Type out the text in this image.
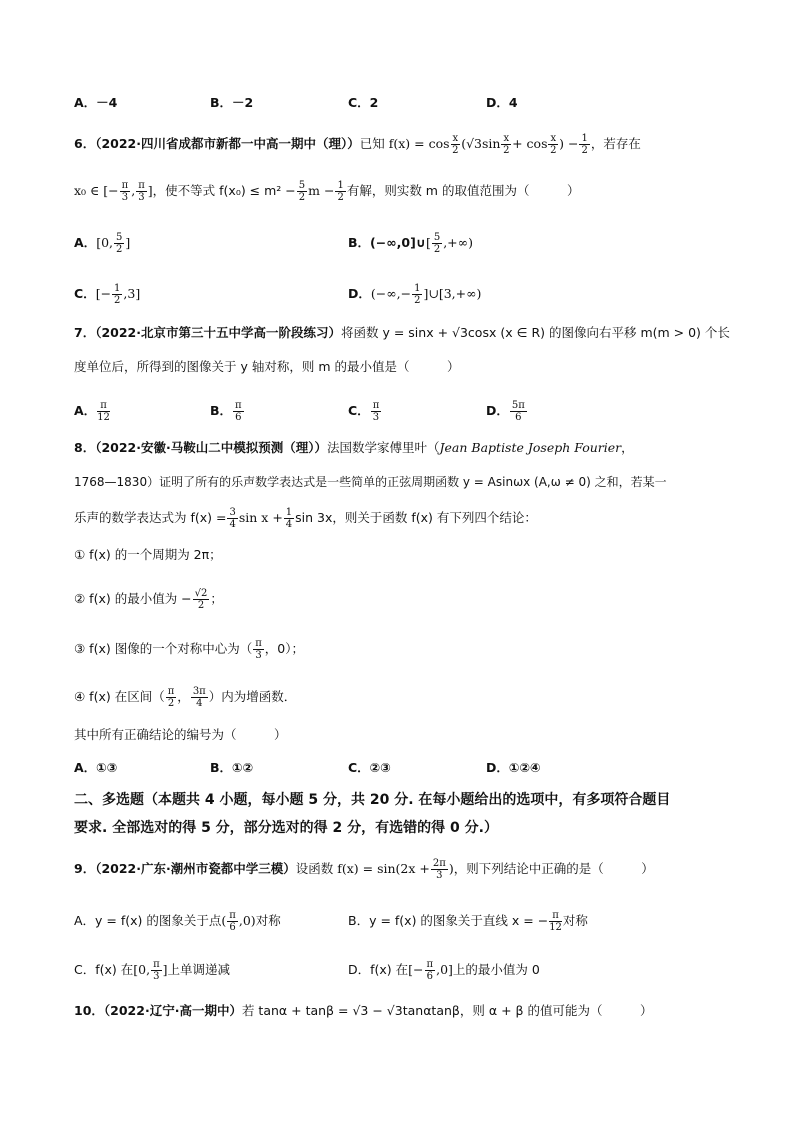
A．－4	B．－2	C．2	D．4
6．（2022·四川省成都市新都一中高一期中（理））已知 $f(x) = \cos \frac{x}{2} (√3\sin \frac{x}{2} + \cos \frac{x}{2}$ ) − $\frac{1}{2}$ ，若存在
x₀ ∈ [− $\frac{\pi}{3}$ , $\frac{\pi}{3}$ ]，使不等式 $f(x_0) \le m^2 - \frac{5}{2}$ $m - \frac{1}{2}$ 有解，则实数 m 的取值范围为（　　　）
A．[0, $\frac{5}{2}$ ]	B．(−∞,0]∪[ $\frac{5}{2}$ ,+∞)
C．[− $\frac{1}{2} ,3$]	D．(−∞,− $\frac{1}{2}$ ]∪[3,+∞)
7．（2022·北京市第三十五中学高一阶段练习）将函数 y = sinx + √3cosx (x ∈ R) 的图像向右平移 m(m > 0) 个长
度单位后，所得到的图像关于 y 轴对称，则 m 的最小值是（　　　）
A． $\frac{\pi}{12}$	B． $\frac{\pi}{6}$	C． $\frac{\pi}{3}$	D． $\frac{5\pi}{6}$
8．（2022·安徽·马鞍山二中模拟预测（理））法国数学家傅里叶（Jean Baptiste Joseph Fourier，
1768—1830）证明了所有的乐声数学表达式是一些简单的正弦周期函数 y = Asinωx (A,ω ≠ 0) 之和，若某一
乐声的数学表达式为 $f(x) = \frac{3}{4}$ $\sin x + \frac{1}{4}$ sin 3x，则关于函数 f(x) 有下列四个结论：
① f(x) 的一个周期为 2π；
② f(x) 的最小值为 − $\frac{√2}{2}$ ；
③ f(x) 图像的一个对称中心为（ $\frac{\pi}{3}$ ，0）；
④ f(x) 在区间（ $\frac{\pi}{2}$ ， $\frac{3\pi}{4}$ ）内为增函数．
其中所有正确结论的编号为（　　　）
A．①③	B．①②	C．②③	D．①②④
二、多选题（本题共 4 小题，每小题 5 分，共 20 分. 在每小题给出的选项中，有多项符合题目
要求. 全部选对的得 5 分，部分选对的得 2 分，有选错的得 0 分.）
9．（2022·广东·潮州市瓷都中学三模）设函数 $f(x) = \sin(2x + \frac{2\pi}{3}$ )，则下列结论中正确的是（　　　）
A．y = f(x) 的图象关于点( $\frac{\pi}{6} ,0$)对称	B．y = f(x) 的图象关于直线 x = − $\frac{\pi}{12}$ 对称
C．f(x) 在[0, $\frac{\pi}{3}$ ]上单调递减	D．f(x) 在[− $\frac{\pi}{6} ,0$]上的最小值为 0
10．（2022·辽宁·高一期中）若 tanα + tanβ = √3 − √3tanαtanβ，则 α + β 的值可能为（　　　）
